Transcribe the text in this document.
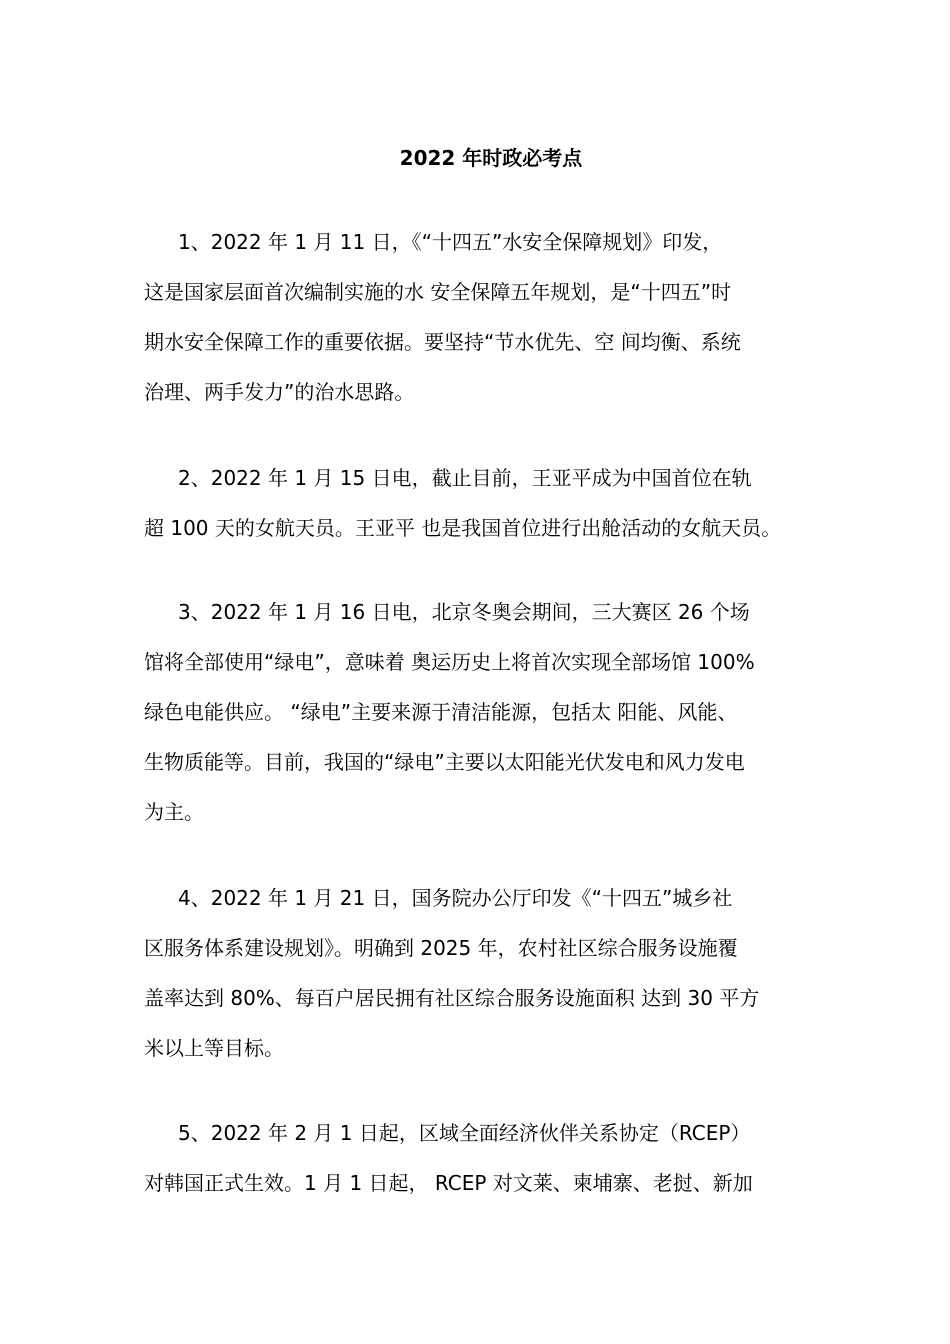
2022 年时政必考点
1、2022 年 1 月 11 日，《“十四五”水安全保障规划》印发，
这是国家层面首次编制实施的水 安全保障五年规划，是“十四五”时
期水安全保障工作的重要依据。要坚持“节水优先、空 间均衡、系统
治理、两手发力”的治水思路。
2、2022 年 1 月 15 日电，截止目前，王亚平成为中国首位在轨
超 100 天的女航天员。王亚平 也是我国首位进行出舱活动的女航天员。
3、2022 年 1 月 16 日电，北京冬奥会期间，三大赛区 26 个场
馆将全部使用“绿电”，意味着 奥运历史上将首次实现全部场馆 100%
绿色电能供应。 “绿电”主要来源于清洁能源，包括太 阳能、风能、
生物质能等。目前，我国的“绿电”主要以太阳能光伏发电和风力发电
为主。
4、2022 年 1 月 21 日，国务院办公厅印发《“十四五”城乡社
区服务体系建设规划》。明确到 2025 年，农村社区综合服务设施覆
盖率达到 80%、每百户居民拥有社区综合服务设施面积 达到 30 平方
米以上等目标。
5、2022 年 2 月 1 日起，区域全面经济伙伴关系协定（RCEP）
对韩国正式生效。1 月 1 日起， RCEP 对文莱、柬埔寨、老挝、新加
